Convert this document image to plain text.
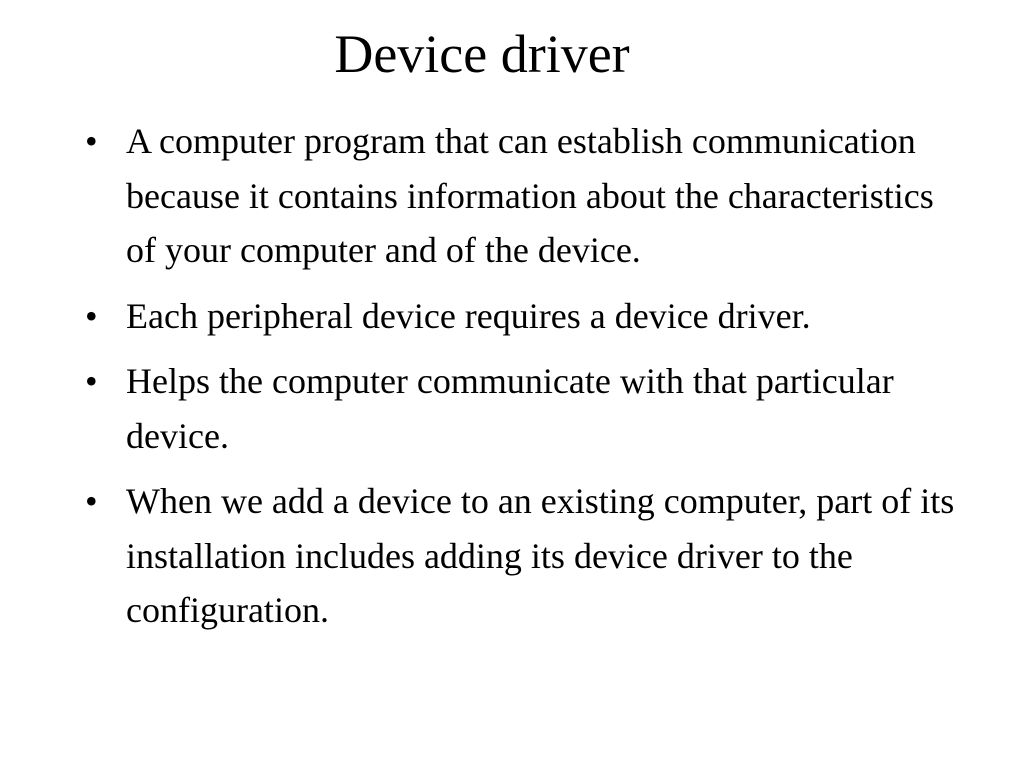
Device driver
• A computer program that can establish communication because it contains information about the characteristics of your computer and of the device.
• Each peripheral device requires a device driver.
• Helps the computer communicate with that particular device.
• When we add a device to an existing computer, part of its installation includes adding its device driver to the configuration.
